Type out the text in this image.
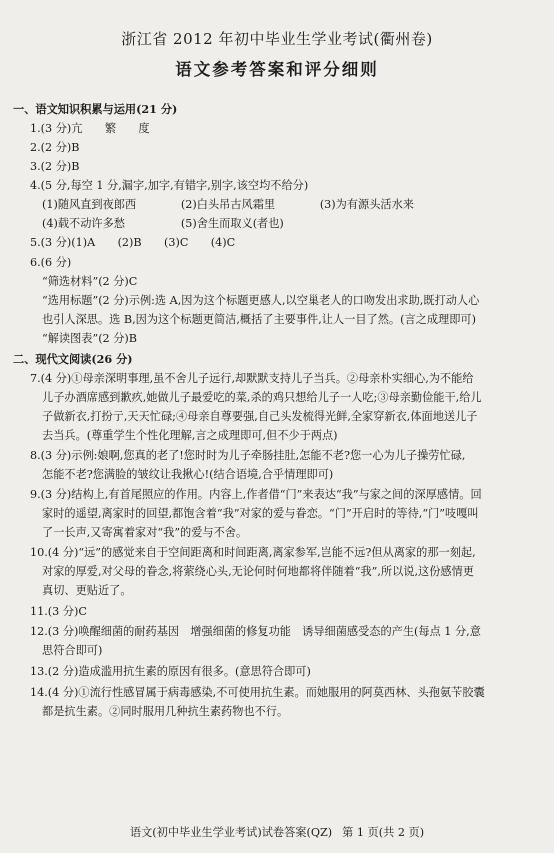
浙江省 2012 年初中毕业生学业考试(衢州卷)
语文参考答案和评分细则
一、语文知识积累与运用(21 分)
1.(3 分)亢　　繁　　度
2.(2 分)B
3.(2 分)B
4.(5 分,每空 1 分,漏字,加字,有错字,别字,该空均不给分)
(1)随风直到夜郎西　　　　(2)白头吊古风霜里　　　　(3)为有源头活水来
(4)载不动许多愁　　　　　(5)舍生而取义(者也)
5.(3 分)(1)A　　(2)B　　(3)C　　(4)C
6.(6 分)
“筛选材料”(2 分)C
“选用标题”(2 分)示例:选 A,因为这个标题更感人,以空巢老人的口吻发出求助,既打动人心
也引人深思。选 B,因为这个标题更简洁,概括了主要事件,让人一目了然。(言之成理即可)
“解读图表”(2 分)B
二、现代文阅读(26 分)
7.(4 分)①母亲深明事理,虽不舍儿子远行,却默默支持儿子当兵。②母亲朴实细心,为不能给
儿子办酒席感到歉疚,她做儿子最爱吃的菜,杀的鸡只想给儿子一人吃;③母亲勤俭能干,给儿
子做新衣,打扮亍,天天忙碌;④母亲自尊要强,自己头发梳得光鲜,全家穿新衣,体面地送儿子
去当兵。(尊重学生个性化理解,言之成理即可,但不少于两点)
8.(3 分)示例:娘啊,您真的老了!您时时为儿子牵肠挂肚,怎能不老?您一心为儿子操劳忙碌,
怎能不老?您满脸的皱纹让我揪心!(结合语境,合乎情理即可)
9.(3 分)结构上,有首尾照应的作用。内容上,作者借“门”来表达“我”与家之间的深厚感情。回
家时的遥望,离家时的回望,都饱含着“我”对家的爱与眷恋。“门”开启时的等待,“门”吱嘎叫
了一长声,又寄寓着家对“我”的爱与不舍。
10.(4 分)“远”的感觉来自于空间距离和时间距离,离家参军,岂能不远?但从离家的那一刻起,
对家的厚爱,对父母的眷念,将萦绕心头,无论何时何地都将伴随着“我”,所以说,这份感情更
真切、更贴近了。
11.(3 分)C
12.(3 分)唤醒细菌的耐药基因　增强细菌的修复功能　诱导细菌感受态的产生(每点 1 分,意
思符合即可)
13.(2 分)造成滥用抗生素的原因有很多。(意思符合即可)
14.(4 分)①流行性感冒属于病毒感染,不可使用抗生素。而她服用的阿莫西林、头孢氨苄胶囊
都是抗生素。②同时服用几种抗生素药物也不行。
语文(初中毕业生学业考试)试卷答案(QZ) 第 1 页(共 2 页)
